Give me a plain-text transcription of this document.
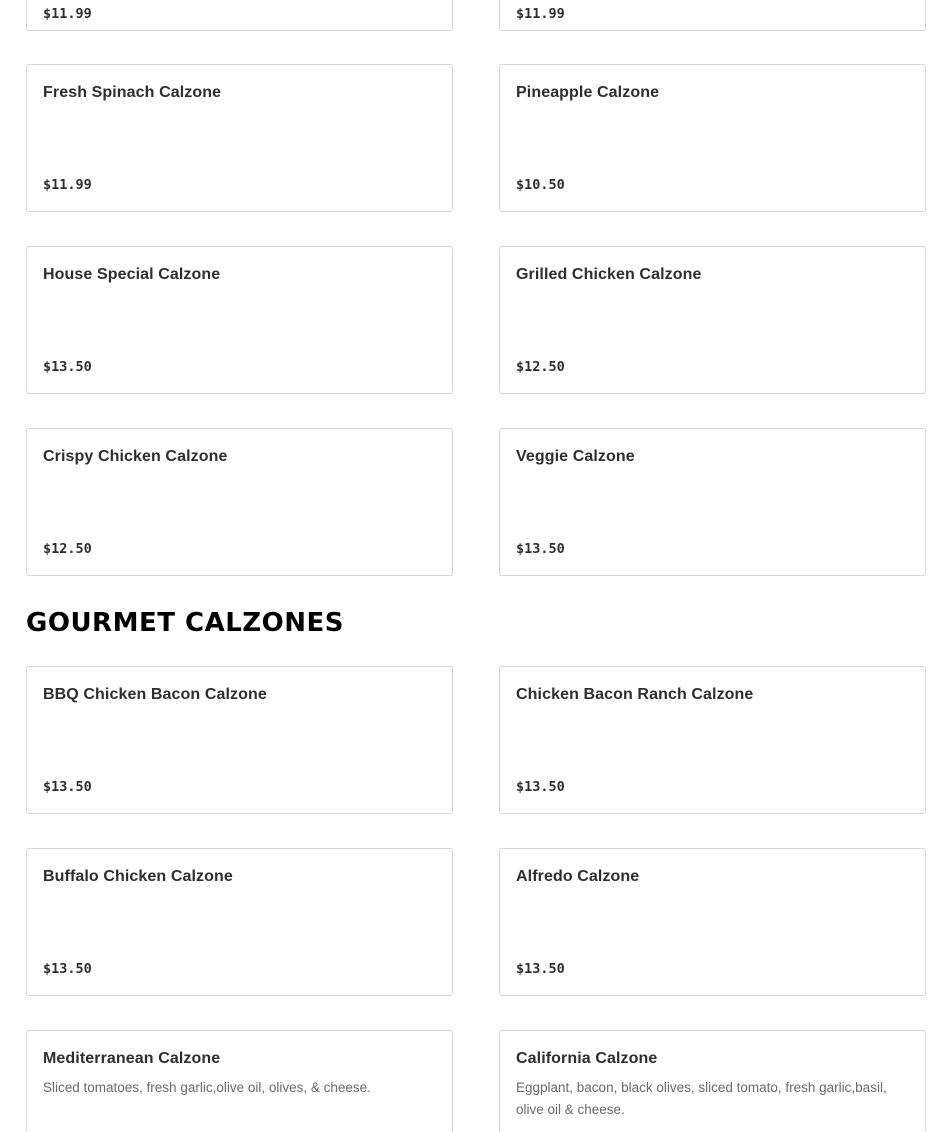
$11.99	$11.99
Fresh Spinach Calzone
$11.99
Pineapple Calzone
$10.50
House Special Calzone
$13.50
Grilled Chicken Calzone
$12.50
Crispy Chicken Calzone
$12.50
Veggie Calzone
$13.50
GOURMET CALZONES
BBQ Chicken Bacon Calzone
$13.50
Chicken Bacon Ranch Calzone
$13.50
Buffalo Chicken Calzone
$13.50
Alfredo Calzone
$13.50
Mediterranean Calzone
Sliced tomatoes, fresh garlic,olive oil, olives, & cheese.
California Calzone
Eggplant, bacon, black olives, sliced tomato, fresh garlic,basil, olive oil & cheese.
